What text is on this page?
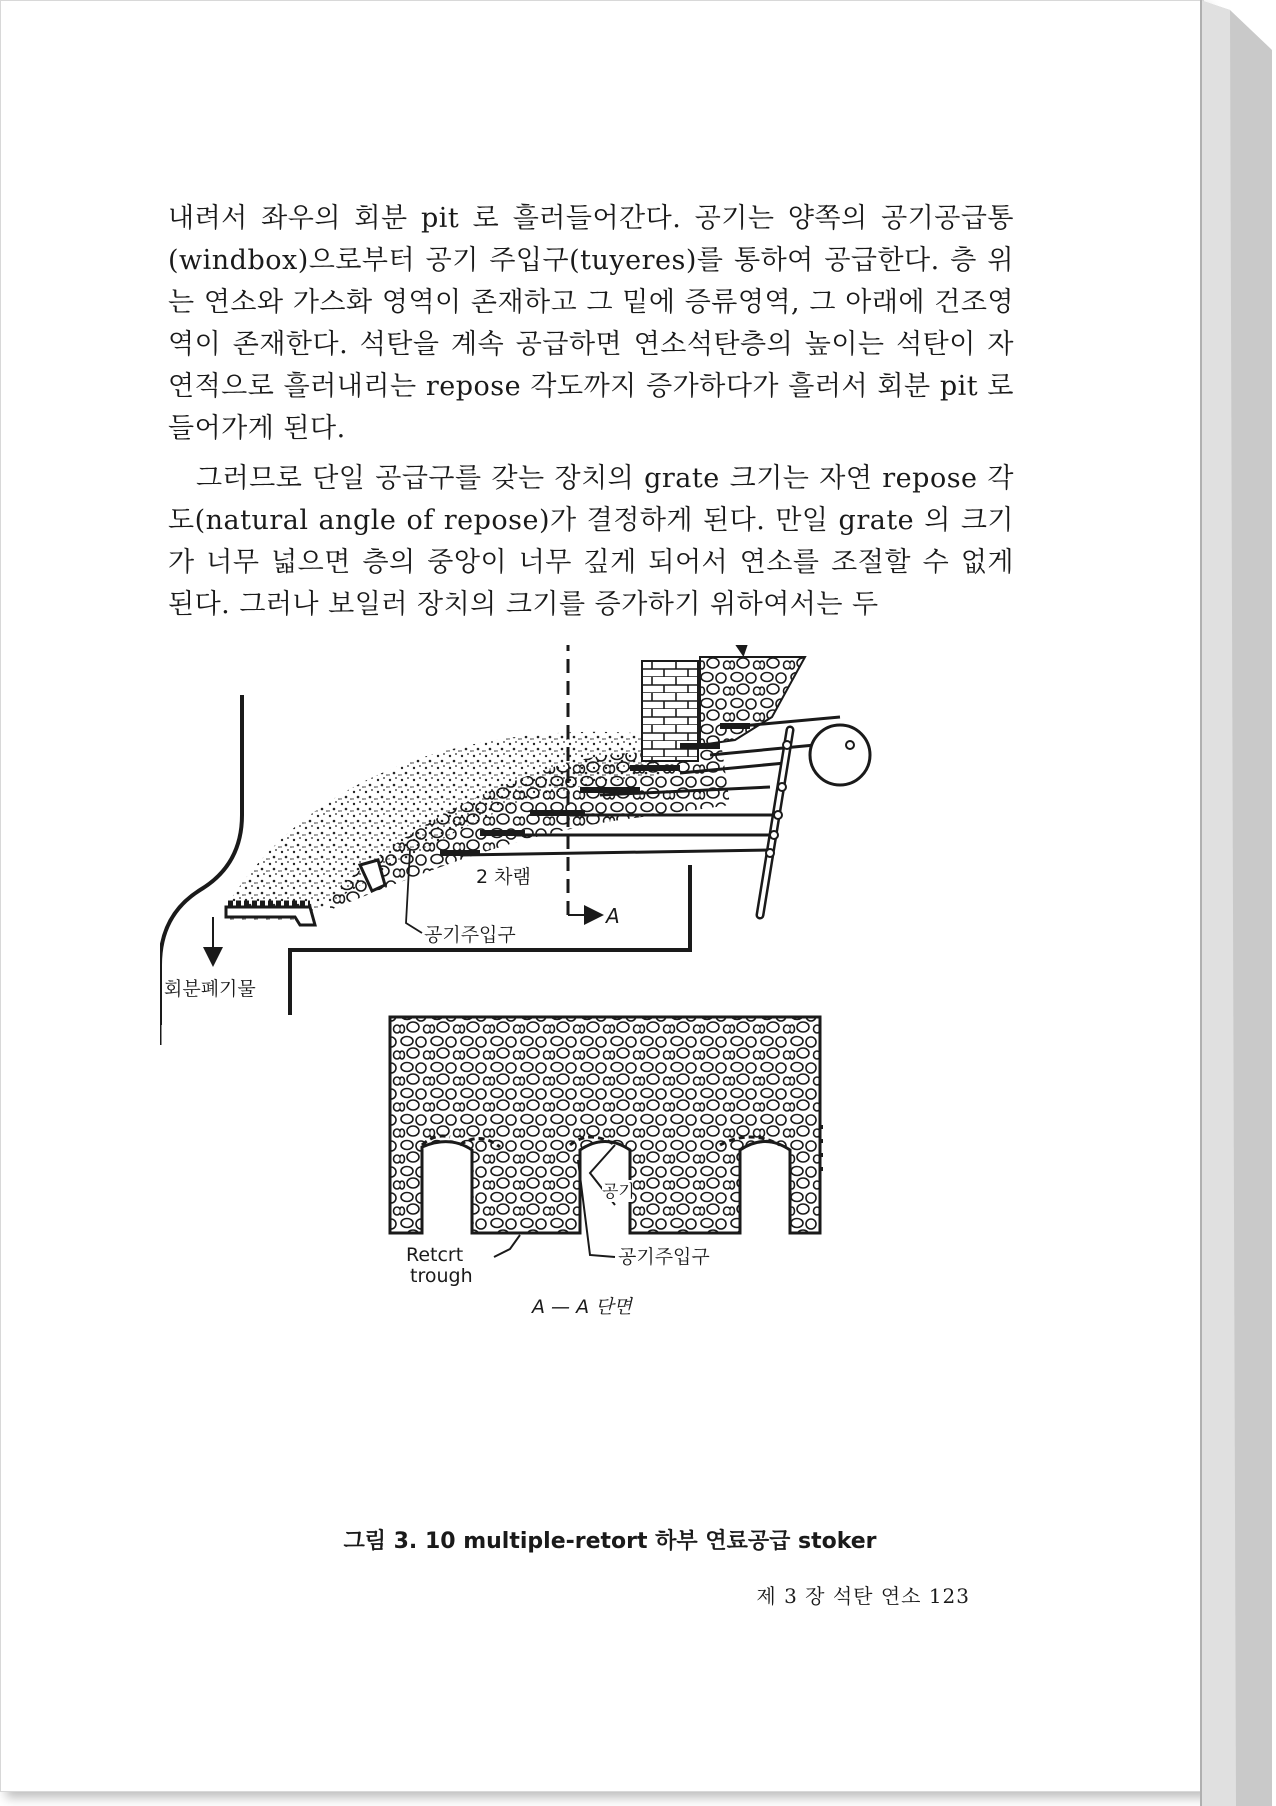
내려서 좌우의 회분 pit 로 흘러들어간다. 공기는 양쪽의 공기공급통 (windbox)으로부터 공기 주입구(tuyeres)를 통하여 공급한다. 층 위는 연소와 가스화 영역이 존재하고 그 밑에 증류영역, 그 아래에 건조영역이 존재한다. 석탄을 계속 공급하면 연소석탄층의 높이는 석탄이 자연적으로 흘러내리는 repose 각도까지 증가하다가 흘러서 회분 pit 로 들어가게 된다.

그러므로 단일 공급구를 갖는 장치의 grate 크기는 자연 repose 각도(natural angle of repose)가 결정하게 된다. 만일 grate 의 크기가 너무 넓으면 층의 중앙이 너무 깊게 되어서 연소를 조절할 수 없게 된다. 그러나 보일러 장치의 크기를 증가하기 위하여서는 두

A
2 차램
공기주입구
회분폐기물
공기
공기주입구
Retcrt
trough
A — A 단면
그림 3. 10 multiple-retort 하부 연료공급 stoker
제 3 장 석탄 연소 123
